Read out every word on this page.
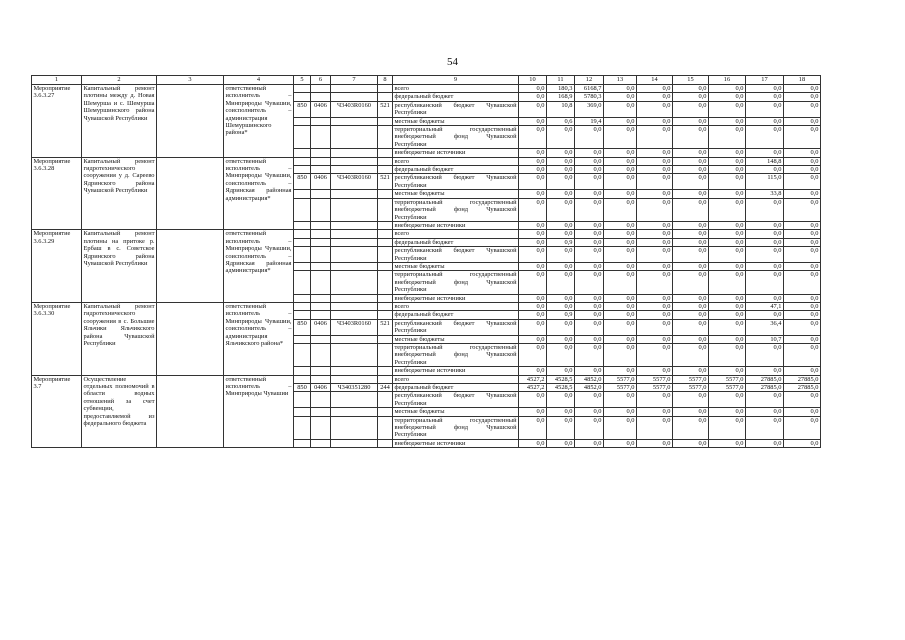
54
1	2	3	4	5	6	7	8	9	10	11	12	13	14	15	16	17	18
Мероприятие 3.6.3.27	Капитальный ремонт плотины между д. Новая Шемурша и с. Шемурша Шемуршинского района Чувашской Республики		ответственный исполнитель – Минприроды Чувашии, соисполнитель – администрация Шемуршинского района*					всего	0,0	180,3	6168,7	0,0	0,0	0,0	0,0	0,0	0,0
								федеральный бюджет	0,0	168,9	5780,3	0,0	0,0	0,0	0,0	0,0	0,0
				850	0406	Ч3403R0160	521	республиканский бюджет Чувашской Республики	0,0	10,8	369,0	0,0	0,0	0,0	0,0	0,0	0,0
								местные бюджеты	0,0	0,6	19,4	0,0	0,0	0,0	0,0	0,0	0,0
								территориальный государственный внебюджетный фонд Чувашской Республики	0,0	0,0	0,0	0,0	0,0	0,0	0,0	0,0	0,0
								внебюджетные источники	0,0	0,0	0,0	0,0	0,0	0,0	0,0	0,0	0,0
Мероприятие 3.6.3.28	Капитальный ремонт гидротехнического сооружения у д. Сареево Ядринского района Чувашской Республики		ответственный исполнитель – Минприроды Чувашии, соисполнитель – Ядринская районная администрация*					всего	0,0	0,0	0,0	0,0	0,0	0,0	0,0	148,8	0,0
								федеральный бюджет	0,0	0,0	0,0	0,0	0,0	0,0	0,0	0,0	0,0
				850	0406	Ч3403R0160	521	республиканский бюджет Чувашской Республики	0,0	0,0	0,0	0,0	0,0	0,0	0,0	115,0	0,0
								местные бюджеты	0,0	0,0	0,0	0,0	0,0	0,0	0,0	33,8	0,0
								территориальный государственный внебюджетный фонд Чувашской Республики	0,0	0,0	0,0	0,0	0,0	0,0	0,0	0,0	0,0
								внебюджетные источники	0,0	0,0	0,0	0,0	0,0	0,0	0,0	0,0	0,0
Мероприятие 3.6.3.29	Капитальный ремонт плотины на притоке р. Ербаш в с. Советское Ядринского района Чувашской Республики		ответственный исполнитель – Минприроды Чувашии, соисполнитель – Ядринская районная администрация*					всего	0,0	0,0	0,0	0,0	0,0	0,0	0,0	0,0	0,0
								федеральный бюджет	0,0	0,9	0,0	0,0	0,0	0,0	0,0	0,0	0,0
								республиканский бюджет Чувашской Республики	0,0	0,0	0,0	0,0	0,0	0,0	0,0	0,0	0,0
								местные бюджеты	0,0	0,0	0,0	0,0	0,0	0,0	0,0	0,0	0,0
								территориальный государственный внебюджетный фонд Чувашской Республики	0,0	0,0	0,0	0,0	0,0	0,0	0,0	0,0	0,0
								внебюджетные источники	0,0	0,0	0,0	0,0	0,0	0,0	0,0	0,0	0,0
Мероприятие 3.6.3.30	Капитальный ремонт гидротехнического сооружения в с. Большие Яльчики Яльчикского района Чувашской Республики		ответственный исполнитель – Минприроды Чувашии, соисполнитель – администрация Яльчикского района*					всего	0,0	0,0	0,0	0,0	0,0	0,0	0,0	47,1	0,0
								федеральный бюджет	0,0	0,9	0,0	0,0	0,0	0,0	0,0	0,0	0,0
				850	0406	Ч3403R0160	521	республиканский бюджет Чувашской Республики	0,0	0,0	0,0	0,0	0,0	0,0	0,0	36,4	0,0
								местные бюджеты	0,0	0,0	0,0	0,0	0,0	0,0	0,0	10,7	0,0
								территориальный государственный внебюджетный фонд Чувашской Республики	0,0	0,0	0,0	0,0	0,0	0,0	0,0	0,0	0,0
								внебюджетные источники	0,0	0,0	0,0	0,0	0,0	0,0	0,0	0,0	0,0
Мероприятие 3.7	Осуществление отдельных полномочий в области водных отношений за счет субвенции, предоставляемой из федерального бюджета		ответственный исполнитель – Минприроды Чувашии					всего	4527,2	4528,5	4852,0	5577,0	5577,0	5577,0	5577,0	27885,0	27885,0
				850	0406	Ч340351280	244	федеральный бюджет	4527,2	4528,5	4852,0	5577,0	5577,0	5577,0	5577,0	27885,0	27885,0
								республиканский бюджет Чувашской Республики	0,0	0,0	0,0	0,0	0,0	0,0	0,0	0,0	0,0
								местные бюджеты	0,0	0,0	0,0	0,0	0,0	0,0	0,0	0,0	0,0
								территориальный государственный внебюджетный фонд Чувашской Республики	0,0	0,0	0,0	0,0	0,0	0,0	0,0	0,0	0,0
								внебюджетные источники	0,0	0,0	0,0	0,0	0,0	0,0	0,0	0,0	0,0
